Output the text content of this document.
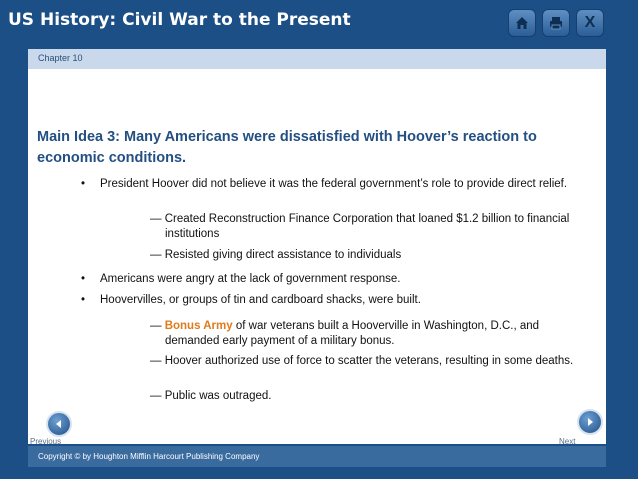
US History: Civil War to the Present	X
Chapter 10
Main Idea 3: Many Americans were dissatisfied with Hoover’s reaction to economic conditions.
• President Hoover did not believe it was the federal government’s role to provide direct relief.
— Created Reconstruction Finance Corporation that loaned $1.2 billion to financial institutions
— Resisted giving direct assistance to individuals
• Americans were angry at the lack of government response.
• Hoovervilles, or groups of tin and cardboard shacks, were built.
— Bonus Army of war veterans built a Hooverville in Washington, D.C., and demanded early payment of a military bonus.
— Hoover authorized use of force to scatter the veterans, resulting in some deaths.
— Public was outraged.
Previous	Next
Copyright © by Houghton Mifflin Harcourt Publishing Company
